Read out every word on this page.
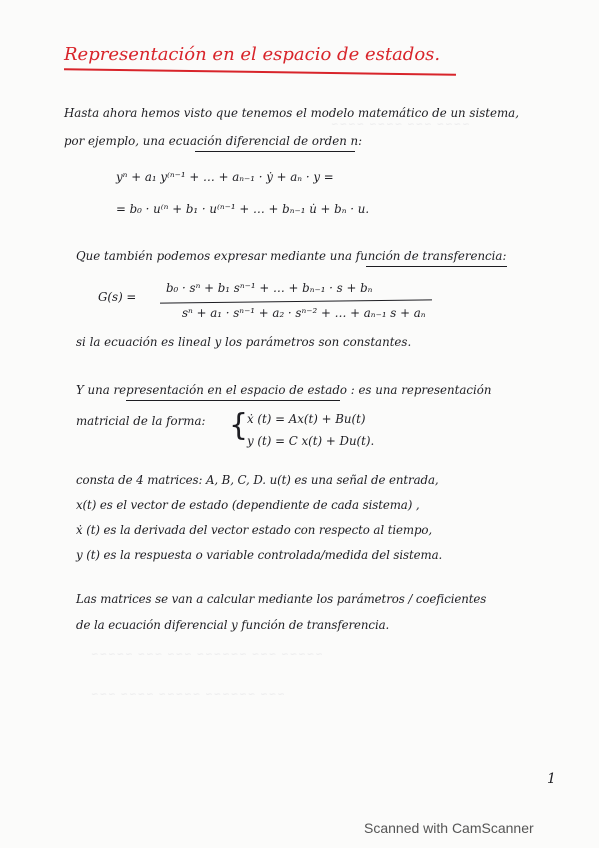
~~~~ ~~~ ~~~~ ~~~~
~~~~~ ~~~ ~~~~~~ ~~~ ~~~ ~~~~~
~~~ ~~~~~~ ~~~~~ ~~~~ ~~~
Representación en el espacio de estados.
Hasta ahora hemos visto que tenemos el modelo matemático de un sistema,
por ejemplo, una ecuación diferencial de orden n:
yⁿ + a₁ y⁽ⁿ⁻¹ + … + aₙ₋₁ · ẏ + aₙ · y =
= b₀ · u⁽ⁿ + b₁ · u⁽ⁿ⁻¹ + … + bₙ₋₁ u̇ + bₙ · u.
Que también podemos expresar mediante una función de transferencia:
G(s) =
b₀ · sⁿ + b₁ sⁿ⁻¹ + … + bₙ₋₁ · s + bₙ
sⁿ + a₁ · sⁿ⁻¹ + a₂ · sⁿ⁻² + … + aₙ₋₁ s + aₙ
si la ecuación es lineal y los parámetros son constantes.
Y una representación en el espacio de estado : es una representación
matricial de la forma: {
ẋ (t) = Ax(t) + Bu(t)
y (t) = C x(t) + Du(t).
consta de 4 matrices: A, B, C, D. u(t) es una señal de entrada,
x(t) es el vector de estado (dependiente de cada sistema) ,
ẋ (t) es la derivada del vector estado con respecto al tiempo,
y (t) es la respuesta o variable controlada/medida del sistema.
Las matrices se van a calcular mediante los parámetros / coeficientes
de la ecuación diferencial y función de transferencia.
1
Scanned with CamScanner
